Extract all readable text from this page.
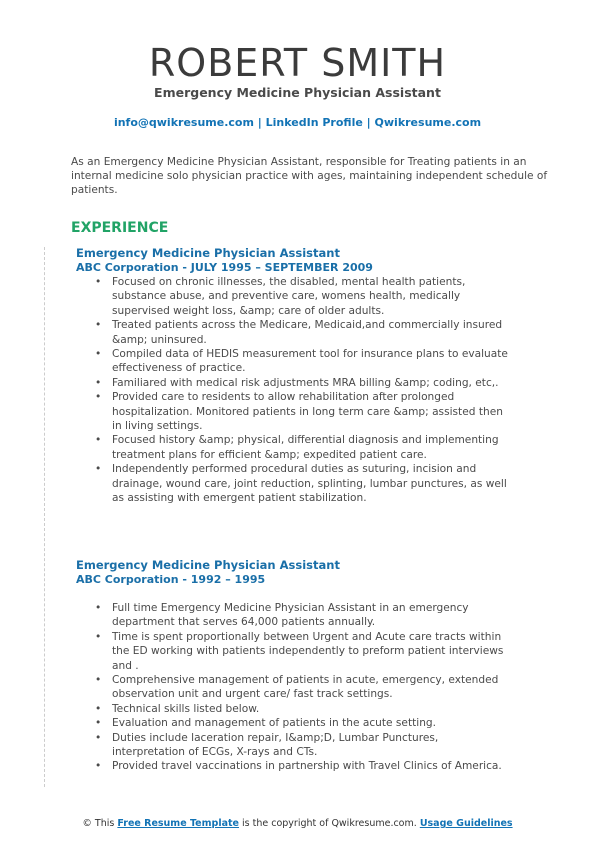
ROBERT SMITH
Emergency Medicine Physician Assistant
info@qwikresume.com | LinkedIn Profile | Qwikresume.com
As an Emergency Medicine Physician Assistant, responsible for Treating patients in an internal medicine solo physician practice with ages, maintaining independent schedule of patients.
EXPERIENCE
Emergency Medicine Physician Assistant
ABC Corporation - JULY 1995 – SEPTEMBER 2009
• Focused on chronic illnesses, the disabled, mental health patients, substance abuse, and preventive care, womens health, medically supervised weight loss, &amp; care of older adults.
• Treated patients across the Medicare, Medicaid,and commercially insured &amp; uninsured.
• Compiled data of HEDIS measurement tool for insurance plans to evaluate effectiveness of practice.
• Familiared with medical risk adjustments MRA billing &amp; coding, etc,.
• Provided care to residents to allow rehabilitation after prolonged hospitalization. Monitored patients in long term care &amp; assisted then in living settings.
• Focused history &amp; physical, differential diagnosis and implementing treatment plans for efficient &amp; expedited patient care.
• Independently performed procedural duties as suturing, incision and drainage, wound care, joint reduction, splinting, lumbar punctures, as well as assisting with emergent patient stabilization.
Emergency Medicine Physician Assistant
ABC Corporation - 1992 – 1995
• Full time Emergency Medicine Physician Assistant in an emergency department that serves 64,000 patients annually.
• Time is spent proportionally between Urgent and Acute care tracts within the ED working with patients independently to preform patient interviews and .
• Comprehensive management of patients in acute, emergency, extended observation unit and urgent care/ fast track settings.
• Technical skills listed below.
• Evaluation and management of patients in the acute setting.
• Duties include laceration repair, I&amp;D, Lumbar Punctures, interpretation of ECGs, X-rays and CTs.
• Provided travel vaccinations in partnership with Travel Clinics of America.
© This Free Resume Template is the copyright of Qwikresume.com. Usage Guidelines
